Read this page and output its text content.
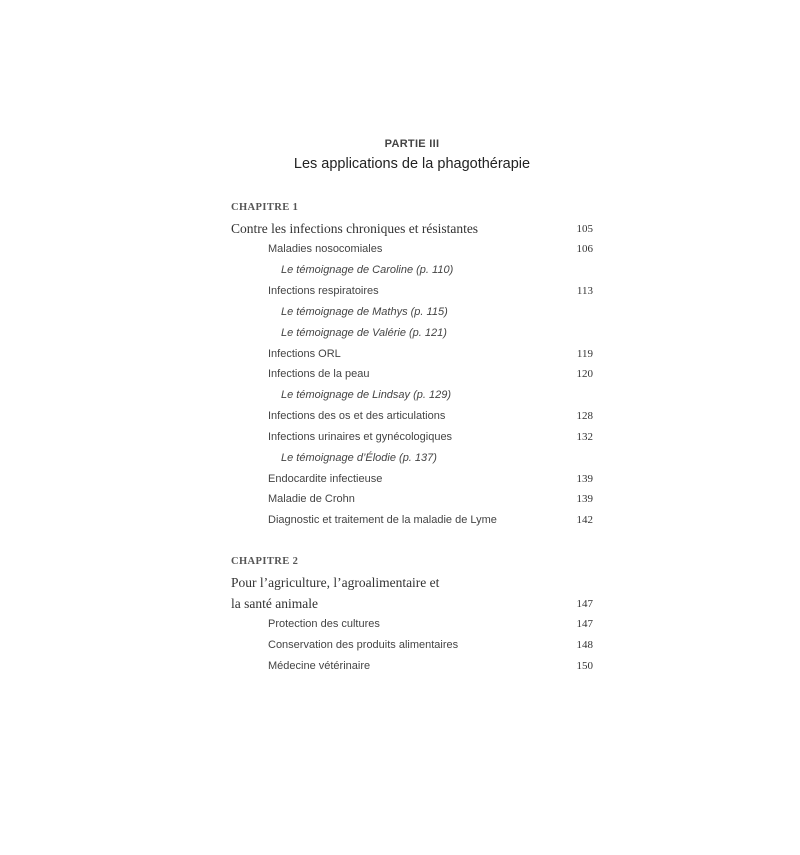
PARTIE III
Les applications de la phagothérapie
CHAPITRE 1
Contre les infections chroniques et résistantes	105
Maladies nosocomiales	106
Le témoignage de Caroline (p. 110)
Infections respiratoires	113
Le témoignage de Mathys (p. 115)
Le témoignage de Valérie (p. 121)
Infections ORL	119
Infections de la peau	120
Le témoignage de Lindsay (p. 129)
Infections des os et des articulations	128
Infections urinaires et gynécologiques	132
Le témoignage d’Élodie (p. 137)
Endocardite infectieuse	139
Maladie de Crohn	139
Diagnostic et traitement de la maladie de Lyme	142
CHAPITRE 2
Pour l’agriculture, l’agroalimentaire et
la santé animale	147
Protection des cultures	147
Conservation des produits alimentaires	148
Médecine vétérinaire	150
